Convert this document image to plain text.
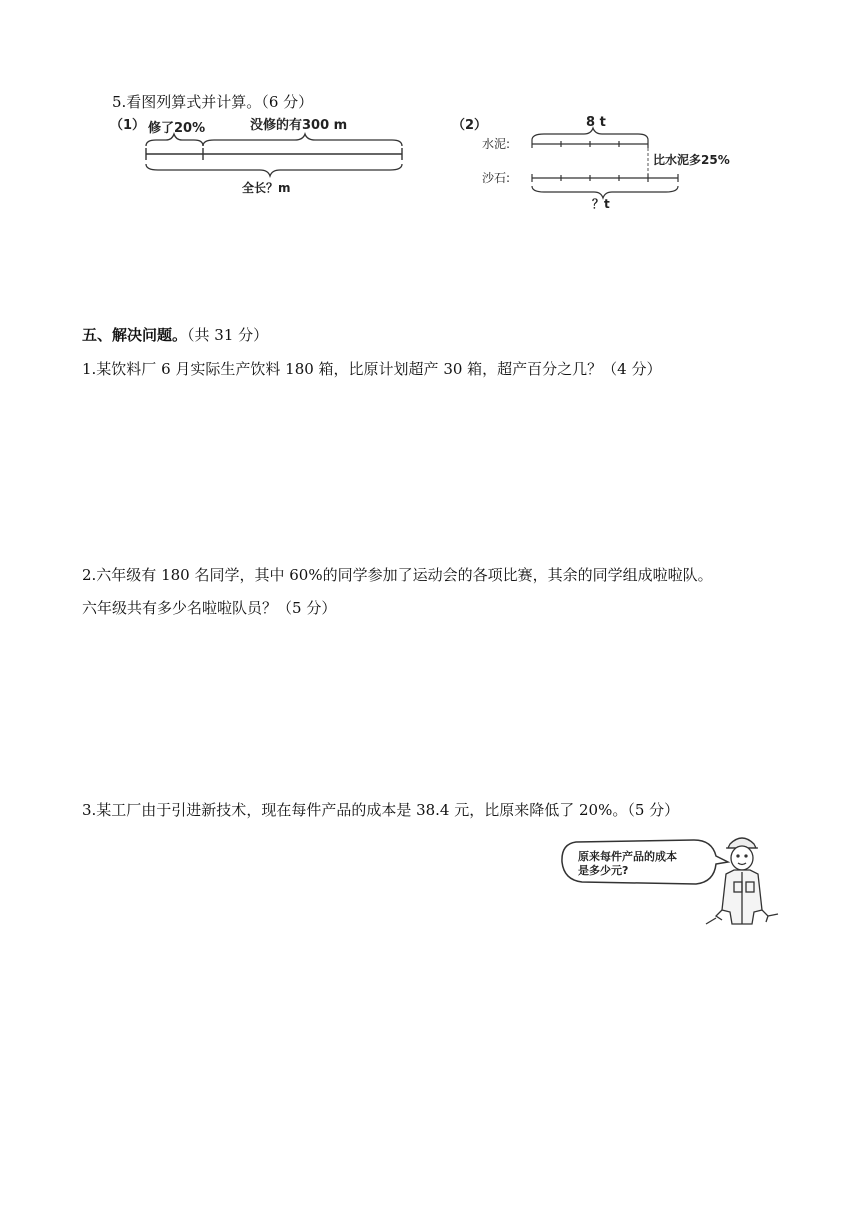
5.看图列算式并计算。（6 分）
（1） 修了20%	没修的有300 m
全长？m
（2）	8 t
水泥:
比水泥多25%
沙石:
？t
五、解决问题。（共 31 分）
1.某饮料厂 6 月实际生产饮料 180 箱，比原计划超产 30 箱，超产百分之几？（4 分）
2.六年级有 180 名同学，其中 60%的同学参加了运动会的各项比赛，其余的同学组成啦啦队。
六年级共有多少名啦啦队员？（5 分）
3.某工厂由于引进新技术，现在每件产品的成本是 38.4 元，比原来降低了 20%。（5 分）
原来每件产品的成本
是多少元?
